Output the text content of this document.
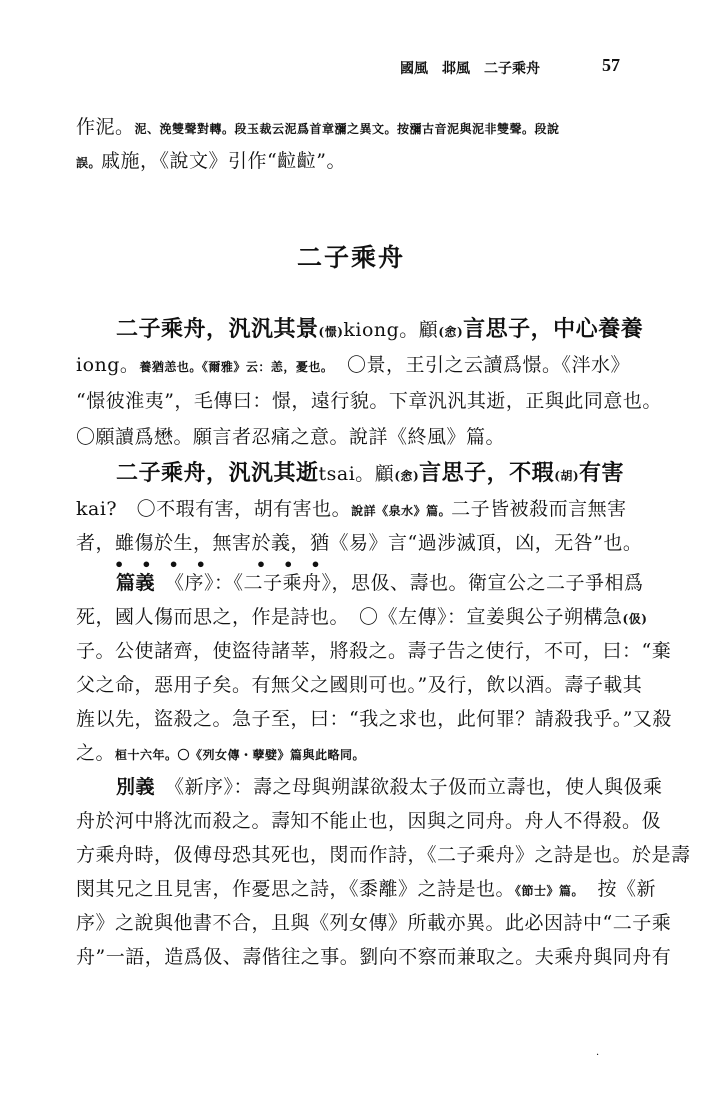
國風　邶風　二子乘舟	57
作泥。泥、浼雙聲對轉。段玉裁云泥爲首章瀰之異文。按瀰古音泥與泥非雙聲。段說
誤。戚施，《說文》引作“䶘䶘”。
二子乘舟
二子乘舟，汎汎其景(憬)kiong。顧(悆)言思子，中心養養
iong。養猶恙也。《爾雅》云：恙，憂也。　〇景，王引之云讀爲憬。《泮水》
“憬彼淮夷”，毛傳曰：憬，遠行貌。下章汎汎其逝，正與此同意也。
〇願讀爲懋。願言者忍痛之意。說詳《終風》篇。
二子乘舟，汎汎其逝tsai。顧(悆)言思子，不瑕(胡)有害
kai?　〇不瑕有害，胡有害也。說詳《泉水》篇。二子皆被殺而言無害
者，雖傷於生，無害於義，猶《易》言“過涉滅頂，凶，无咎”也。
••••　•••
篇義　《序》：《二子乘舟》，思伋、壽也。衛宣公之二子爭相爲
死，國人傷而思之，作是詩也。　〇《左傳》：宣姜與公子朔構急(伋)
子。公使諸齊，使盜待諸莘，將殺之。壽子告之使行，不可，曰：“棄
父之命，惡用子矣。有無父之國則可也。”及行，飲以酒。壽子載其
旌以先，盜殺之。急子至，曰：“我之求也，此何罪？請殺我乎。”又殺
之。桓十六年。〇《列女傳・孽嬖》篇與此略同。
別義　《新序》：壽之母與朔謀欲殺太子伋而立壽也，使人與伋乘
舟於河中將沈而殺之。壽知不能止也，因與之同舟。舟人不得殺。伋
方乘舟時，伋傅母恐其死也，閔而作詩，《二子乘舟》之詩是也。於是壽
閔其兄之且見害，作憂思之詩，《黍離》之詩是也。《節士》篇。　按《新
序》之說與他書不合，且與《列女傳》所載亦異。此必因詩中“二子乘
舟”一語，造爲伋、壽偕往之事。劉向不察而兼取之。夫乘舟與同舟有
·
